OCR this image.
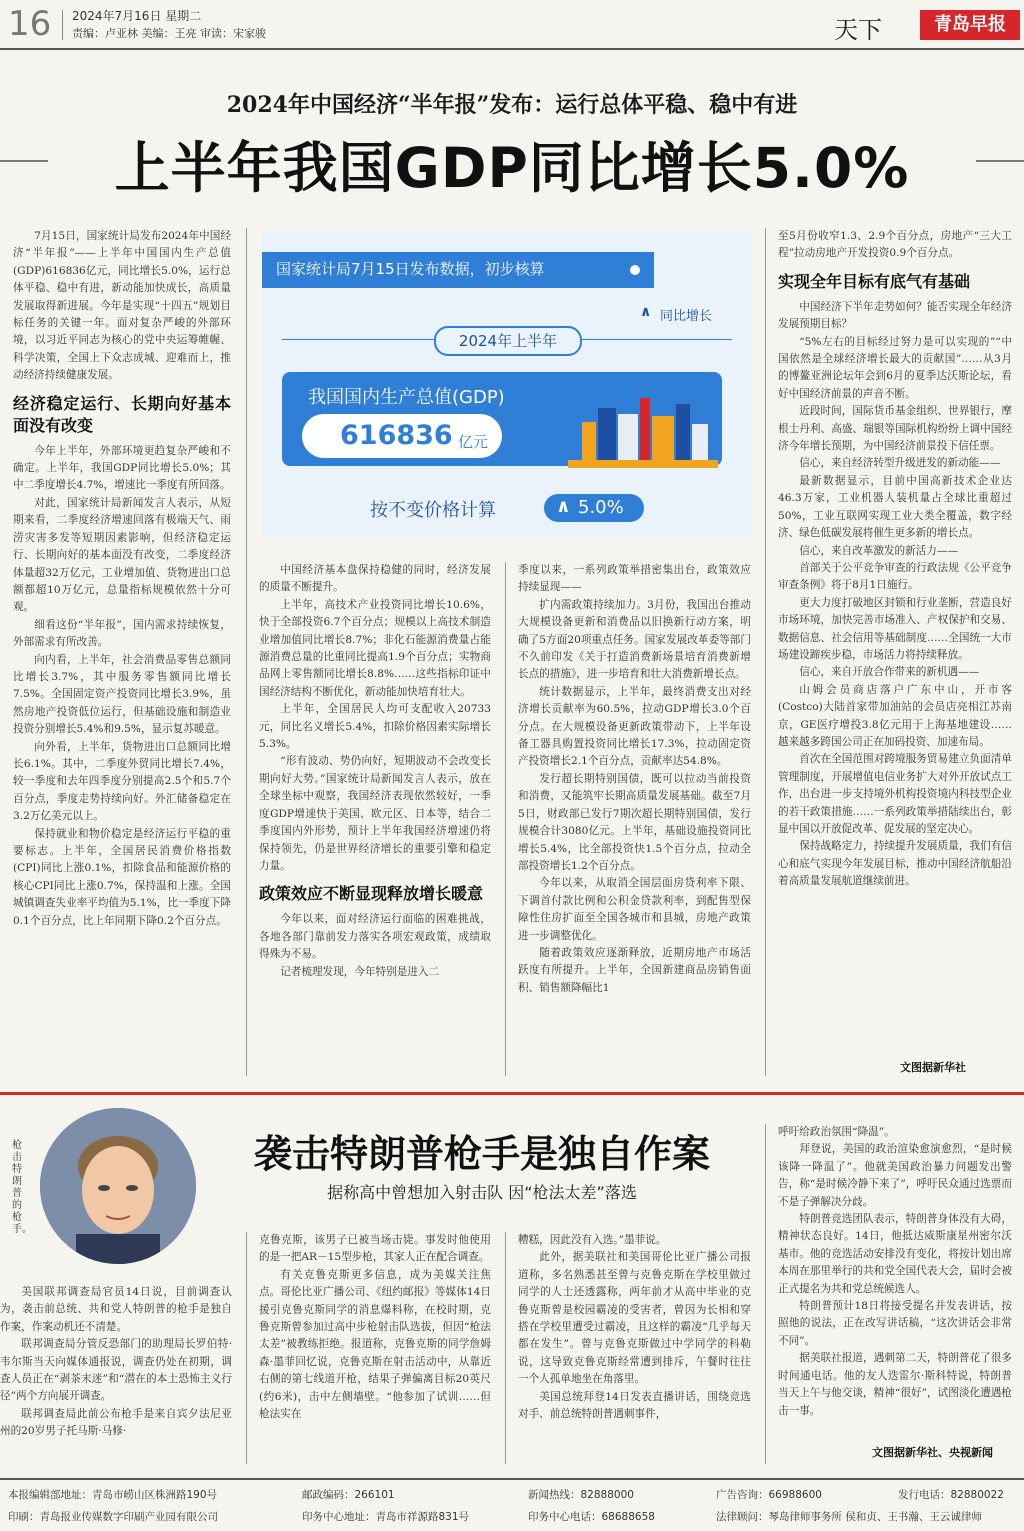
16 2024年7月16日 星期二
责编：卢亚林 美编：王亮 审读：宋家骏	天下	青岛早报
2024年中国经济“半年报”发布：运行总体平稳、稳中有进
上半年我国GDP同比增长5.0%
国家统计局7月15日发布数据，初步核算
∧ 同比增长
2024年上半年
我国国内生产总值(GDP)
616836 亿元
按不变价格计算	∧ 5.0%

7月15日，国家统计局发布2024年中国经济“半年报”——上半年中国国内生产总值(GDP)616836亿元，同比增长5.0%，运行总体平稳、稳中有进，新动能加快成长，高质量发展取得新进展。今年是实现“十四五”规划目标任务的关键一年。面对复杂严峻的外部环境，以习近平同志为核心的党中央运筹帷幄、科学决策，全国上下众志成城、迎难而上，推动经济持续健康发展。

经济稳定运行、长期向好基本面没有改变

今年上半年，外部环境更趋复杂严峻和不确定。上半年，我国GDP同比增长5.0%；其中二季度增长4.7%，增速比一季度有所回落。

对此，国家统计局新闻发言人表示，从短期来看，二季度经济增速回落有极端天气、雨涝灾害多发等短期因素影响，但经济稳定运行、长期向好的基本面没有改变，二季度经济体量超32万亿元，工业增加值、货物进出口总额都超10万亿元，总量指标规模依然十分可观。

细看这份“半年报”，国内需求持续恢复，外部需求有所改善。

向内看，上半年，社会消费品零售总额同比增长3.7%，其中服务零售额同比增长7.5%。全国固定资产投资同比增长3.9%，虽然房地产投资低位运行，但基础设施和制造业投资分别增长5.4%和9.5%，显示复苏暖意。

向外看，上半年，货物进出口总额同比增长6.1%。其中，二季度外贸同比增长7.4%，较一季度和去年四季度分别提高2.5个和5.7个百分点，季度走势持续向好。外汇储备稳定在3.2万亿美元以上。

保持就业和物价稳定是经济运行平稳的重要标志。上半年，全国居民消费价格指数(CPI)同比上涨0.1%，扣除食品和能源价格的核心CPI同比上涨0.7%，保持温和上涨。全国城镇调查失业率平均值为5.1%，比一季度下降0.1个百分点，比上年同期下降0.2个百分点。

中国经济基本盘保持稳健的同时，经济发展的质量不断提升。

上半年，高技术产业投资同比增长10.6%，快于全部投资6.7个百分点；规模以上高技术制造业增加值同比增长8.7%；非化石能源消费量占能源消费总量的比重同比提高1.9个百分点；实物商品网上零售额同比增长8.8%……这些指标印证中国经济结构不断优化，新动能加快培育壮大。

上半年，全国居民人均可支配收入20733元，同比名义增长5.4%，扣除价格因素实际增长5.3%。

“形有波动、势仍向好，短期波动不会改变长期向好大势。”国家统计局新闻发言人表示，放在全球坐标中观察，我国经济表现依然较好，一季度GDP增速快于美国、欧元区、日本等，结合二季度国内外形势，预计上半年我国经济增速仍将保持领先，仍是世界经济增长的重要引擎和稳定力量。

政策效应不断显现释放增长暖意

今年以来，面对经济运行面临的困难挑战，各地各部门靠前发力落实各项宏观政策，成绩取得殊为不易。

记者梳理发现，今年特别是进入二

季度以来，一系列政策举措密集出台，政策效应持续显现——

扩内需政策持续加力。3月份，我国出台推动大规模设备更新和消费品以旧换新行动方案，明确了5方面20项重点任务。国家发展改革委等部门不久前印发《关于打造消费新场景培育消费新增长点的措施》，进一步培育和壮大消费新增长点。

统计数据显示，上半年，最终消费支出对经济增长贡献率为60.5%，拉动GDP增长3.0个百分点。在大规模设备更新政策带动下，上半年设备工器具购置投资同比增长17.3%，拉动固定资产投资增长2.1个百分点，贡献率达54.8%。

发行超长期特别国债，既可以拉动当前投资和消费，又能筑牢长期高质量发展基础。截至7月5日，财政部已发行7期次超长期特别国债，发行规模合计3080亿元。上半年，基础设施投资同比增长5.4%，比全部投资快1.5个百分点，拉动全部投资增长1.2个百分点。

今年以来，从取消全国层面房贷利率下限、下调首付款比例和公积金贷款利率，到配售型保障性住房扩面至全国各城市和县城，房地产政策进一步调整优化。

随着政策效应逐渐释放，近期房地产市场活跃度有所提升。上半年，全国新建商品房销售面积、销售额降幅比1

至5月份收窄1.3、2.9个百分点，房地产“三大工程”拉动房地产开发投资0.9个百分点。

实现全年目标有底气有基础

中国经济下半年走势如何？能否实现全年经济发展预期目标？

“5%左右的目标经过努力是可以实现的”“中国依然是全球经济增长最大的贡献国”……从3月的博鳌亚洲论坛年会到6月的夏季达沃斯论坛，看好中国经济前景的声音不断。

近段时间，国际货币基金组织、世界银行，摩根士丹利、高盛、瑞银等国际机构纷纷上调中国经济今年增长预期，为中国经济前景投下信任票。

信心，来自经济转型升级迸发的新动能——

最新数据显示，目前中国高新技术企业达46.3万家，工业机器人装机量占全球比重超过50%，工业互联网实现工业大类全覆盖，数字经济、绿色低碳发展将催生更多新的增长点。

信心，来自改革激发的新活力——

首部关于公平竞争审查的行政法规《公平竞争审查条例》将于8月1日施行。

更大力度打破地区封锁和行业垄断，营造良好市场环境，加快完善市场准入、产权保护和交易、数据信息、社会信用等基础制度……全国统一大市场建设蹄疾步稳，市场活力将持续释放。

信心，来自开放合作带来的新机遇——

山姆会员商店落户广东中山，开市客(Costco)大陆首家带加油站的会员店亮相江苏南京，GE医疗增投3.8亿元用于上海基地建设……越来越多跨国公司正在加码投资、加速布局。

首次在全国范围对跨境服务贸易建立负面清单管理制度，开展增值电信业务扩大对外开放试点工作，出台进一步支持境外机构投资境内科技型企业的若干政策措施……一系列政策举措陆续出台，彰显中国以开放促改革、促发展的坚定决心。

保持战略定力，持续提升发展质量，我们有信心和底气实现今年发展目标，推动中国经济航船沿着高质量发展航道继续前进。

文图据新华社
枪击特朗普的枪手。
袭击特朗普枪手是独自作案
据称高中曾想加入射击队 因“枪法太差”落选

美国联邦调查局官员14日说，目前调查认为，袭击前总统、共和党人特朗普的枪手是独自作案，作案动机还不清楚。

联邦调查局分管反恐部门的助理局长罗伯特·韦尔斯当天向媒体通报说，调查仍处在初期，调查人员正在“剥茶末迷”和“潜在的本土恐怖主义行径”两个方向展开调查。

联邦调查局此前公布枪手是来自宾夕法尼亚州的20岁男子托马斯·马修·

克鲁克斯，该男子已被当场击毙。事发时他使用的是一把AR－15型步枪，其家人正在配合调查。

有关克鲁克斯更多信息，成为美媒关注焦点。哥伦比亚广播公司、《纽约邮报》等媒体14日援引克鲁克斯同学的消息爆料称，在校时期，克鲁克斯曾参加过高中步枪射击队选拔，但因“枪法太差”被教练拒绝。报道称，克鲁克斯的同学詹姆森·墨菲回忆说，克鲁克斯在射击活动中，从靠近右侧的第七线道开枪，结果子弹偏离目标20英尺(约6米)，击中左侧墙壁。“他参加了试训……但枪法实在

糟糕，因此没有入选。”墨菲说。

此外，据美联社和美国哥伦比亚广播公司报道称，多名熟悉甚至曾与克鲁克斯在学校里做过同学的人士还透露称，两年前才从高中毕业的克鲁克斯曾是校园霸凌的受害者，曾因为长相和穿搭在学校里遭受过霸凌，且这样的霸凌“几乎每天都在发生”。曾与克鲁克斯做过中学同学的科勒说，这导致克鲁克斯经常遭到排斥，午餐时往往一个人孤单地坐在角落里。

美国总统拜登14日发表直播讲话，围绕竞选对手、前总统特朗普遇刺事件，

呼吁给政治氛围“降温”。

拜登说，美国的政治渲染愈演愈烈，“是时候该降一降温了”。他就美国政治暴力问题发出警告，称“是时候冷静下来了”，呼吁民众通过选票而不是子弹解决分歧。

特朗普竞选团队表示，特朗普身体没有大碍，精神状态良好。14日，他抵达威斯康星州密尔沃基市。他的竞选活动安排没有变化，将按计划出席本周在那里举行的共和党全国代表大会，届时会被正式提名为共和党总统候选人。

特朗普预计18日将接受提名并发表讲话，按照他的说法，正在改写讲话稿，“这次讲话会非常不同”。

据美联社报道，遇刺第二天，特朗普花了很多时间通电话。他的友人迭雷尔·斯科特说，特朗普当天上午与他交谈，精神“很好”，试图淡化遭遇枪击一事。

文图据新华社、央视新闻
本报编辑部地址：青岛市崂山区株洲路190号
印刷：青岛报业传媒数字印刷产业园有限公司
邮政编码：266101
印务中心地址：青岛市祥源路831号
新闻热线：82888000
印务中心电话：68688658
广告咨询：66988600
法律顾问：琴岛律师事务所 侯和贞、王书瀚、王云诚律师
发行电话：82880022
